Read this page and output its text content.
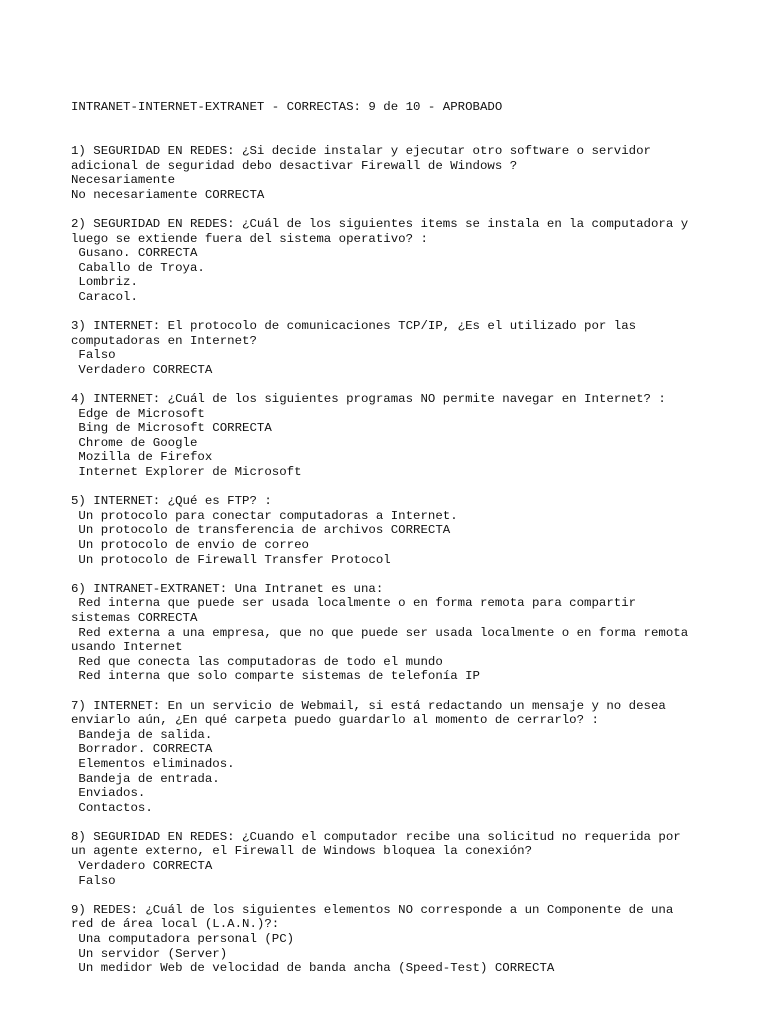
INTRANET-INTERNET-EXTRANET - CORRECTAS: 9 de 10 - APROBADO

1) SEGURIDAD EN REDES: ¿Si decide instalar y ejecutar otro software o servidor
adicional de seguridad debo desactivar Firewall de Windows ?
Necesariamente
No necesariamente CORRECTA
2) SEGURIDAD EN REDES: ¿Cuál de los siguientes items se instala en la computadora y
luego se extiende fuera del sistema operativo? :
Gusano. CORRECTA
Caballo de Troya.
Lombriz.
Caracol.
3) INTERNET: El protocolo de comunicaciones TCP/IP, ¿Es el utilizado por las
computadoras en Internet?
Falso
Verdadero CORRECTA
4) INTERNET: ¿Cuál de los siguientes programas NO permite navegar en Internet? :
Edge de Microsoft
Bing de Microsoft CORRECTA
Chrome de Google
Mozilla de Firefox
Internet Explorer de Microsoft
5) INTERNET: ¿Qué es FTP? :
Un protocolo para conectar computadoras a Internet.
Un protocolo de transferencia de archivos CORRECTA
Un protocolo de envio de correo
Un protocolo de Firewall Transfer Protocol
6) INTRANET-EXTRANET: Una Intranet es una:
Red interna que puede ser usada localmente o en forma remota para compartir
sistemas CORRECTA
Red externa a una empresa, que no que puede ser usada localmente o en forma remota
usando Internet
Red que conecta las computadoras de todo el mundo
Red interna que solo comparte sistemas de telefonía IP
7) INTERNET: En un servicio de Webmail, si está redactando un mensaje y no desea
enviarlo aún, ¿En qué carpeta puedo guardarlo al momento de cerrarlo? :
Bandeja de salida.
Borrador. CORRECTA
Elementos eliminados.
Bandeja de entrada.
Enviados.
Contactos.
8) SEGURIDAD EN REDES: ¿Cuando el computador recibe una solicitud no requerida por
un agente externo, el Firewall de Windows bloquea la conexión?
Verdadero CORRECTA
Falso
9) REDES: ¿Cuál de los siguientes elementos NO corresponde a un Componente de una
red de área local (L.A.N.)?:
Una computadora personal (PC)
Un servidor (Server)
Un medidor Web de velocidad de banda ancha (Speed-Test) CORRECTA
